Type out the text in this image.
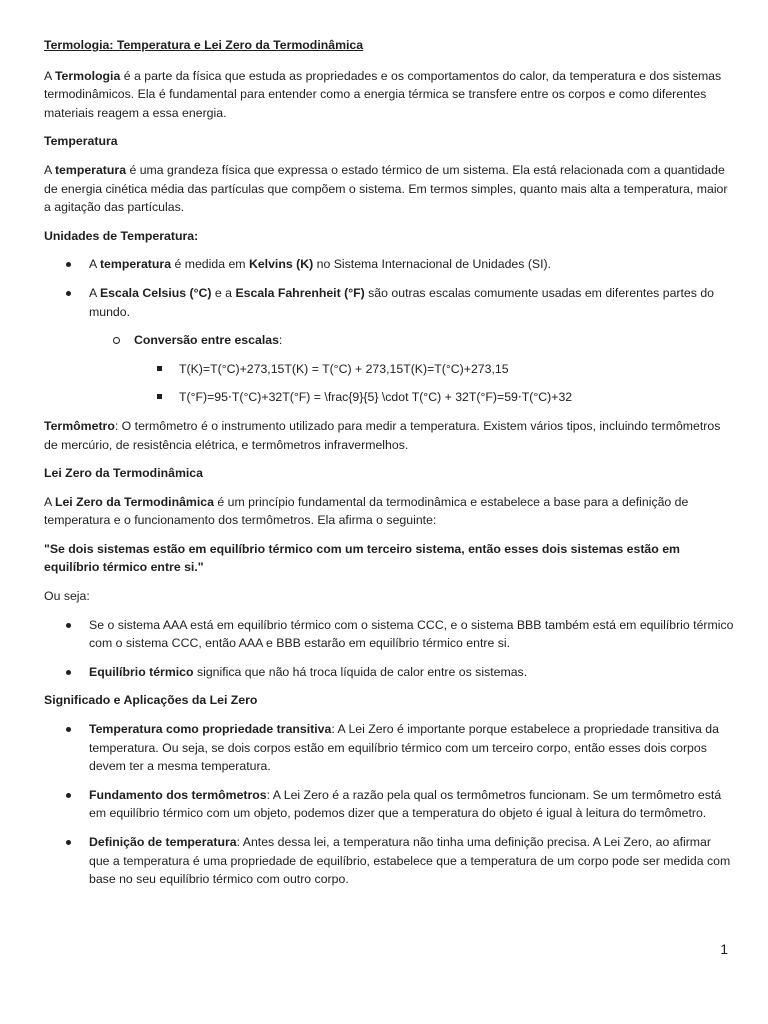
Termologia: Temperatura e Lei Zero da Termodinâmica

A Termologia é a parte da física que estuda as propriedades e os comportamentos do calor, da temperatura e dos sistemas termodinâmicos. Ela é fundamental para entender como a energia térmica se transfere entre os corpos e como diferentes materiais reagem a essa energia.

Temperatura

A temperatura é uma grandeza física que expressa o estado térmico de um sistema. Ela está relacionada com a quantidade de energia cinética média das partículas que compõem o sistema. Em termos simples, quanto mais alta a temperatura, maior a agitação das partículas.

Unidades de Temperatura:

A temperatura é medida em Kelvins (K) no Sistema Internacional de Unidades (SI).
A Escala Celsius (°C) e a Escala Fahrenheit (°F) são outras escalas comumente usadas em diferentes partes do mundo.
Conversão entre escalas:
T(K)=T(°C)+273,15T(K) = T(°C) + 273,15T(K)=T(°C)+273,15
T(°F)=95⋅T(°C)+32T(°F) = \frac{9}{5} \cdot T(°C) + 32T(°F)=59⋅T(°C)+32

Termômetro: O termômetro é o instrumento utilizado para medir a temperatura. Existem vários tipos, incluindo termômetros de mercúrio, de resistência elétrica, e termômetros infravermelhos.

Lei Zero da Termodinâmica

A Lei Zero da Termodinâmica é um princípio fundamental da termodinâmica e estabelece a base para a definição de temperatura e o funcionamento dos termômetros. Ela afirma o seguinte:

"Se dois sistemas estão em equilíbrio térmico com um terceiro sistema, então esses dois sistemas estão em equilíbrio térmico entre si."

Ou seja:

Se o sistema AAA está em equilíbrio térmico com o sistema CCC, e o sistema BBB também está em equilíbrio térmico com o sistema CCC, então AAA e BBB estarão em equilíbrio térmico entre si.
Equilíbrio térmico significa que não há troca líquida de calor entre os sistemas.

Significado e Aplicações da Lei Zero

Temperatura como propriedade transitiva: A Lei Zero é importante porque estabelece a propriedade transitiva da temperatura. Ou seja, se dois corpos estão em equilíbrio térmico com um terceiro corpo, então esses dois corpos devem ter a mesma temperatura.
Fundamento dos termômetros: A Lei Zero é a razão pela qual os termômetros funcionam. Se um termômetro está em equilíbrio térmico com um objeto, podemos dizer que a temperatura do objeto é igual à leitura do termômetro.
Definição de temperatura: Antes dessa lei, a temperatura não tinha uma definição precisa. A Lei Zero, ao afirmar que a temperatura é uma propriedade de equilíbrio, estabelece que a temperatura de um corpo pode ser medida com base no seu equilíbrio térmico com outro corpo.
1
